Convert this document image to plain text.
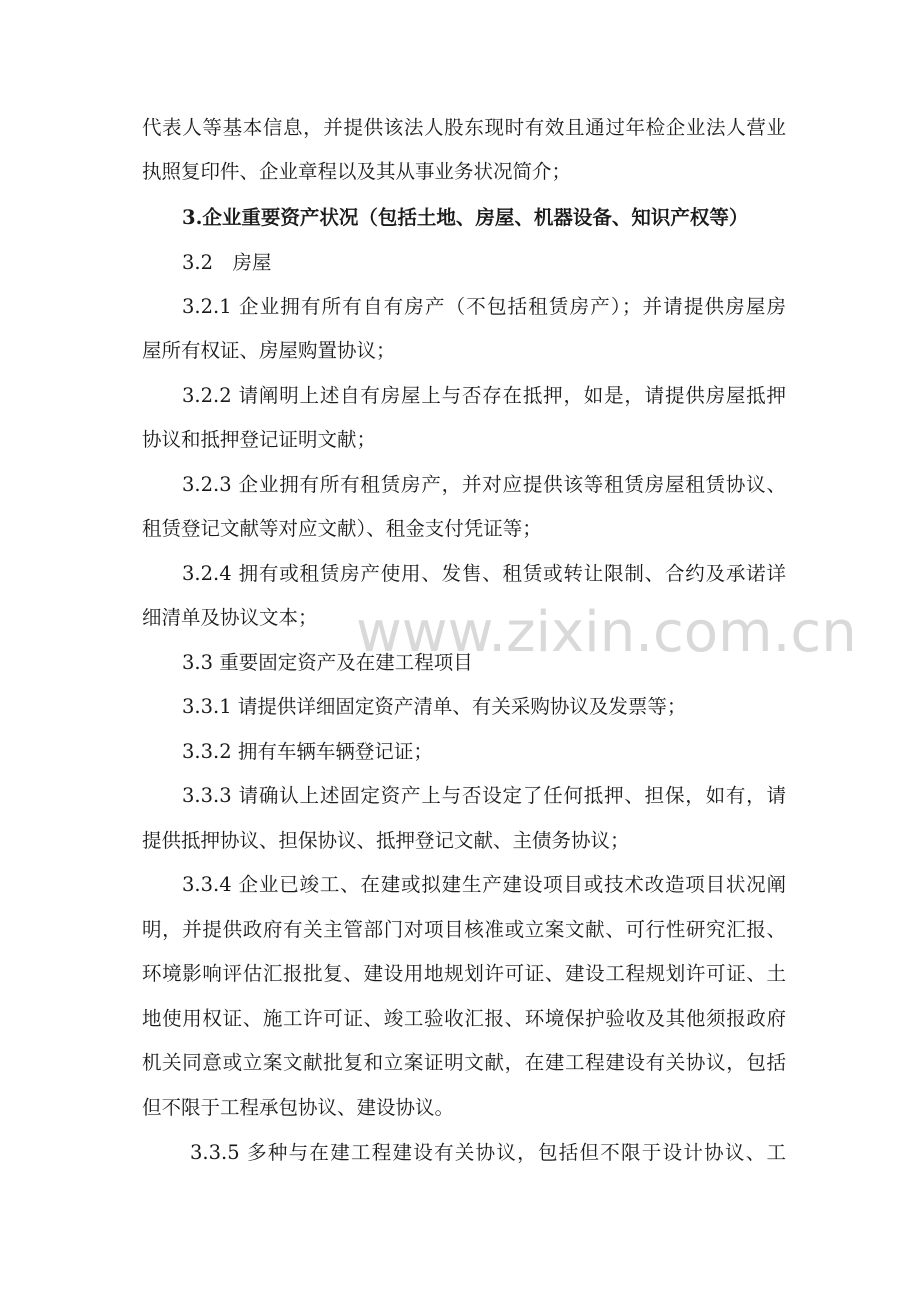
www.zixin.com.cn
代表人等基本信息，并提供该法人股东现时有效且通过年检企业法人营业
执照复印件、企业章程以及其从事业务状况简介；
3.企业重要资产状况（包括土地、房屋、机器设备、知识产权等）
3.2　房屋
3.2.1 企业拥有所有自有房产（不包括租赁房产）；并请提供房屋房
屋所有权证、房屋购置协议；
3.2.2 请阐明上述自有房屋上与否存在抵押，如是，请提供房屋抵押
协议和抵押登记证明文献；
3.2.3 企业拥有所有租赁房产，并对应提供该等租赁房屋租赁协议、
租赁登记文献等对应文献）、租金支付凭证等；
3.2.4 拥有或租赁房产使用、发售、租赁或转让限制、合约及承诺详
细清单及协议文本；
3.3 重要固定资产及在建工程项目
3.3.1 请提供详细固定资产清单、有关采购协议及发票等；
3.3.2 拥有车辆车辆登记证；
3.3.3 请确认上述固定资产上与否设定了任何抵押、担保，如有，请
提供抵押协议、担保协议、抵押登记文献、主债务协议；
3.3.4 企业已竣工、在建或拟建生产建设项目或技术改造项目状况阐
明，并提供政府有关主管部门对项目核准或立案文献、可行性研究汇报、
环境影响评估汇报批复、建设用地规划许可证、建设工程规划许可证、土
地使用权证、施工许可证、竣工验收汇报、环境保护验收及其他须报政府
机关同意或立案文献批复和立案证明文献，在建工程建设有关协议，包括
但不限于工程承包协议、建设协议。
3.3.5 多种与在建工程建设有关协议，包括但不限于设计协议、工
